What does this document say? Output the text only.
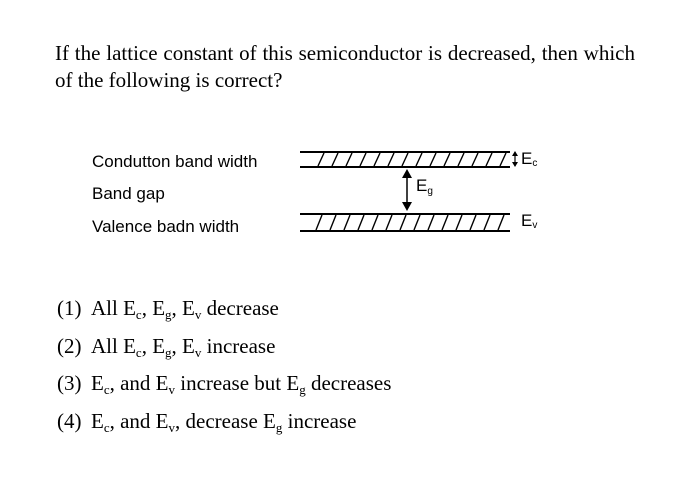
If the lattice constant of this semiconductor is decreased, then which of the following is correct?
Condutton band width
Band gap
Valence badn width
Eg
Ec
Ev
(1) All $E_c$, $E_g$, $E_v$ decrease
(2) All $E_c$, $E_g$, $E_v$ increase
(3) $E_c$, and $E_v$ increase but $E_g$ decreases
(4) $E_c$, and $E_v$, decrease $E_g$ increase
